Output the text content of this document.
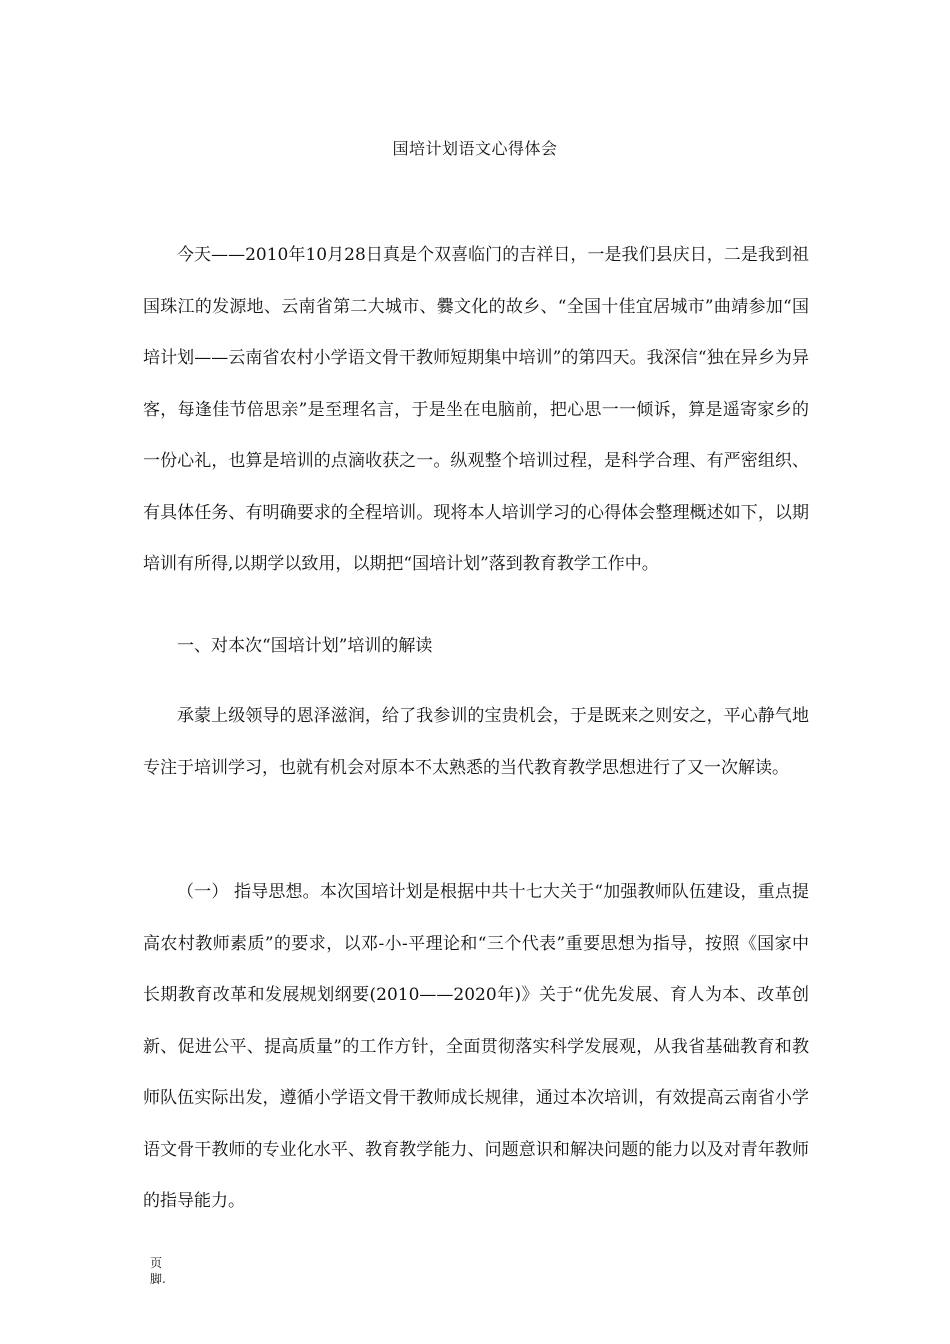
国培计划语文心得体会

今天——2010年10月28日真是个双喜临门的吉祥日，一是我们县庆日，二是我到祖国珠江的发源地、云南省第二大城市、爨文化的故乡、“全国十佳宜居城市”曲靖参加“国培计划——云南省农村小学语文骨干教师短期集中培训”的第四天。我深信“独在异乡为异客，每逢佳节倍思亲”是至理名言，于是坐在电脑前，把心思一一倾诉，算是遥寄家乡的一份心礼，也算是培训的点滴收获之一。纵观整个培训过程，是科学合理、有严密组织、有具体任务、有明确要求的全程培训。现将本人培训学习的心得体会整理概述如下，以期培训有所得,以期学以致用，以期把“国培计划”落到教育教学工作中。

一、对本次“国培计划”培训的解读

承蒙上级领导的恩泽滋润，给了我参训的宝贵机会，于是既来之则安之，平心静气地专注于培训学习，也就有机会对原本不太熟悉的当代教育教学思想进行了又一次解读。

（一） 指导思想。本次国培计划是根据中共十七大关于“加强教师队伍建设，重点提高农村教师素质”的要求，以邓-小-平理论和“三个代表”重要思想为指导，按照《国家中长期教育改革和发展规划纲要(2010——2020年)》关于“优先发展、育人为本、改革创新、促进公平、提高质量”的工作方针，全面贯彻落实科学发展观，从我省基础教育和教师队伍实际出发，遵循小学语文骨干教师成长规律，通过本次培训，有效提高云南省小学语文骨干教师的专业化水平、教育教学能力、问题意识和解决问题的能力以及对青年教师的指导能力。

页
脚.
